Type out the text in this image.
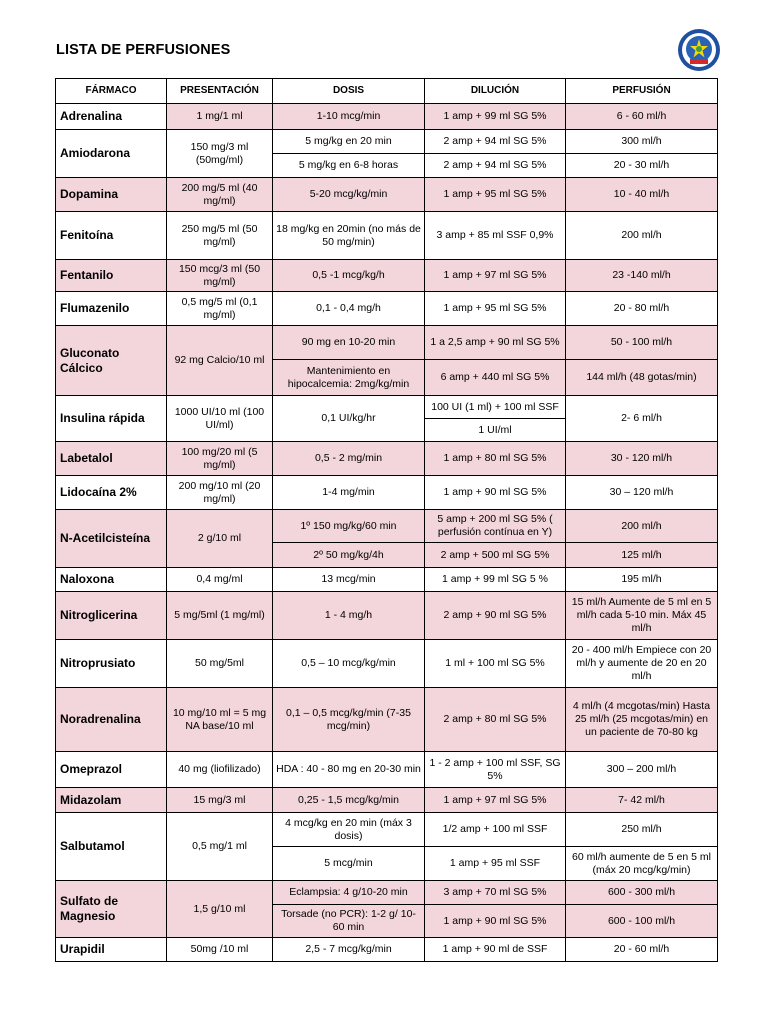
LISTA DE PERFUSIONES
FÁRMACO	PRESENTACIÓN	DOSIS	DILUCIÓN	PERFUSIÓN
Adrenalina	1 mg/1 ml	1-10 mcg/min	1 amp + 99 ml SG 5%	6 - 60 ml/h
Amiodarona	150 mg/3 ml (50mg/ml)	5 mg/kg en 20 min	2 amp + 94 ml SG 5%	300 ml/h
		5 mg/kg en 6-8 horas	2 amp + 94 ml SG 5%	20 - 30 ml/h
Dopamina	200 mg/5 ml (40 mg/ml)	5-20 mcg/kg/min	1 amp + 95 ml SG 5%	10 - 40 ml/h
Fenitoína	250 mg/5 ml (50 mg/ml)	18 mg/kg en 20min (no más de 50 mg/min)	3 amp + 85 ml SSF 0,9%	200 ml/h
Fentanilo	150 mcg/3 ml (50 mg/ml)	0,5 -1 mcg/kg/h	1 amp + 97 ml SG 5%	23 -140 ml/h
Flumazenilo	0,5 mg/5 ml (0,1 mg/ml)	0,1 - 0,4 mg/h	1 amp + 95 ml SG 5%	20 - 80 ml/h
Gluconato Cálcico	92 mg Calcio/10 ml	90 mg en 10-20 min	1 a 2,5 amp + 90 ml SG 5%	50 - 100 ml/h
		Mantenimiento en hipocalcemia: 2mg/kg/min	6 amp + 440 ml SG 5%	144 ml/h (48 gotas/min)
Insulina rápida	1000 UI/10 ml (100 UI/ml)	0,1 UI/kg/hr	100 UI (1 ml) + 100 ml SSF	2- 6 ml/h
			1 UI/ml	
Labetalol	100 mg/20 ml (5 mg/ml)	0,5 - 2 mg/min	1 amp + 80 ml SG 5%	30 - 120 ml/h
Lidocaína 2%	200 mg/10 ml (20 mg/ml)	1-4 mg/min	1 amp + 90 ml SG 5%	30 – 120 ml/h
N-Acetilcisteína	2 g/10 ml	1º 150 mg/kg/60 min	5 amp + 200 ml SG 5% ( perfusión contínua en Y)	200 ml/h
		2º 50 mg/kg/4h	2 amp + 500 ml SG 5%	125 ml/h
Naloxona	0,4 mg/ml	13 mcg/min	1 amp + 99 ml SG 5 %	195 ml/h
Nitroglicerina	5 mg/5ml (1 mg/ml)	1 - 4 mg/h	2 amp + 90 ml SG 5%	15 ml/h Aumente de 5 ml en 5 ml/h cada 5-10 min. Máx 45 ml/h
Nitroprusiato	50 mg/5ml	0,5 – 10 mcg/kg/min	1 ml + 100 ml SG 5%	20 - 400 ml/h Empiece con 20 ml/h y aumente de 20 en 20 ml/h
Noradrenalina	10 mg/10 ml = 5 mg NA base/10 ml	0,1 – 0,5 mcg/kg/min (7-35 mcg/min)	2 amp + 80 ml SG 5%	4 ml/h (4 mcgotas/min) Hasta 25 ml/h (25 mcgotas/min) en un paciente de 70-80 kg
Omeprazol	40 mg (liofilizado)	HDA : 40 - 80 mg en 20-30 min	1 - 2 amp + 100 ml SSF, SG 5%	300 – 200 ml/h
Midazolam	15 mg/3 ml	0,25 - 1,5 mcg/kg/min	1 amp + 97 ml SG 5%	7- 42 ml/h
Salbutamol	0,5 mg/1 ml	4 mcg/kg en 20 min (máx 3 dosis)	1/2 amp + 100 ml SSF	250 ml/h
		5 mcg/min	1 amp + 95 ml SSF	60 ml/h aumente de 5 en 5 ml (máx 20 mcg/kg/min)
Sulfato de Magnesio	1,5 g/10 ml	Eclampsia: 4 g/10-20 min	3 amp + 70 ml SG 5%	600 - 300 ml/h
		Torsade (no PCR): 1-2 g/ 10-60 min	1 amp + 90 ml SG 5%	600 - 100 ml/h
Urapidil	50mg /10 ml	2,5 - 7 mcg/kg/min	1 amp + 90 ml de SSF	20 - 60 ml/h
